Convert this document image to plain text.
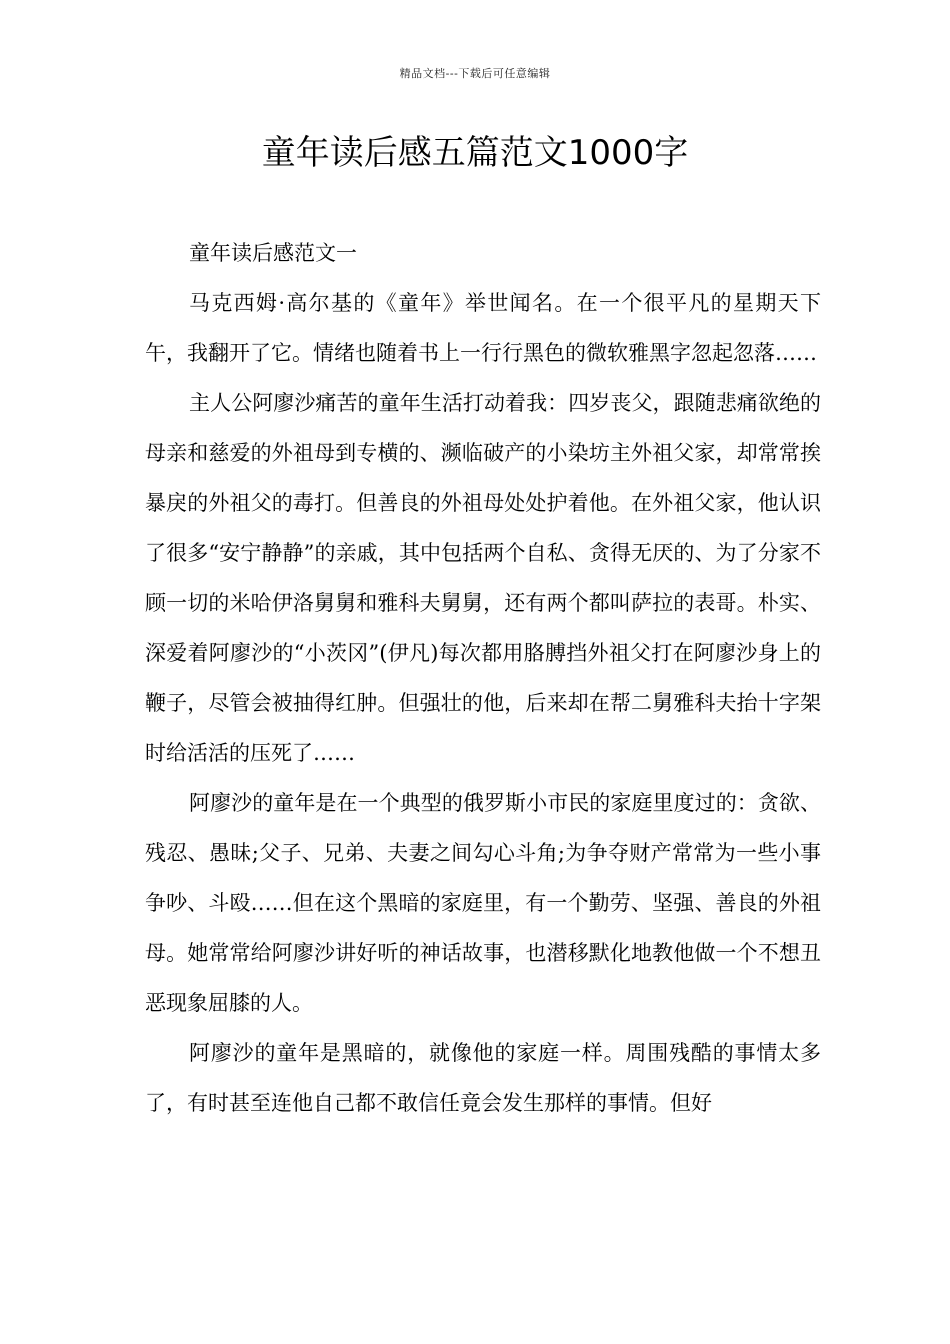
精品文档---下载后可任意编辑
童年读后感五篇范文1000字

童年读后感范文一

马克西姆·高尔基的《童年》举世闻名。在一个很平凡的星期天下午，我翻开了它。情绪也随着书上一行行黑色的微软雅黑字忽起忽落……

主人公阿廖沙痛苦的童年生活打动着我：四岁丧父，跟随悲痛欲绝的母亲和慈爱的外祖母到专横的、濒临破产的小染坊主外祖父家，却常常挨暴戾的外祖父的毒打。但善良的外祖母处处护着他。在外祖父家，他认识了很多“安宁静静”的亲戚，其中包括两个自私、贪得无厌的、为了分家不顾一切的米哈伊洛舅舅和雅科夫舅舅，还有两个都叫萨拉的表哥。朴实、深爱着阿廖沙的“小茨冈”(伊凡)每次都用胳膊挡外祖父打在阿廖沙身上的鞭子，尽管会被抽得红肿。但强壮的他，后来却在帮二舅雅科夫抬十字架时给活活的压死了……

阿廖沙的童年是在一个典型的俄罗斯小市民的家庭里度过的：贪欲、残忍、愚昧;父子、兄弟、夫妻之间勾心斗角;为争夺财产常常为一些小事争吵、斗殴……但在这个黑暗的家庭里，有一个勤劳、坚强、善良的外祖母。她常常给阿廖沙讲好听的神话故事，也潜移默化地教他做一个不想丑恶现象屈膝的人。

阿廖沙的童年是黑暗的，就像他的家庭一样。周围残酷的事情太多了，有时甚至连他自己都不敢信任竟会发生那样的事情。但好
